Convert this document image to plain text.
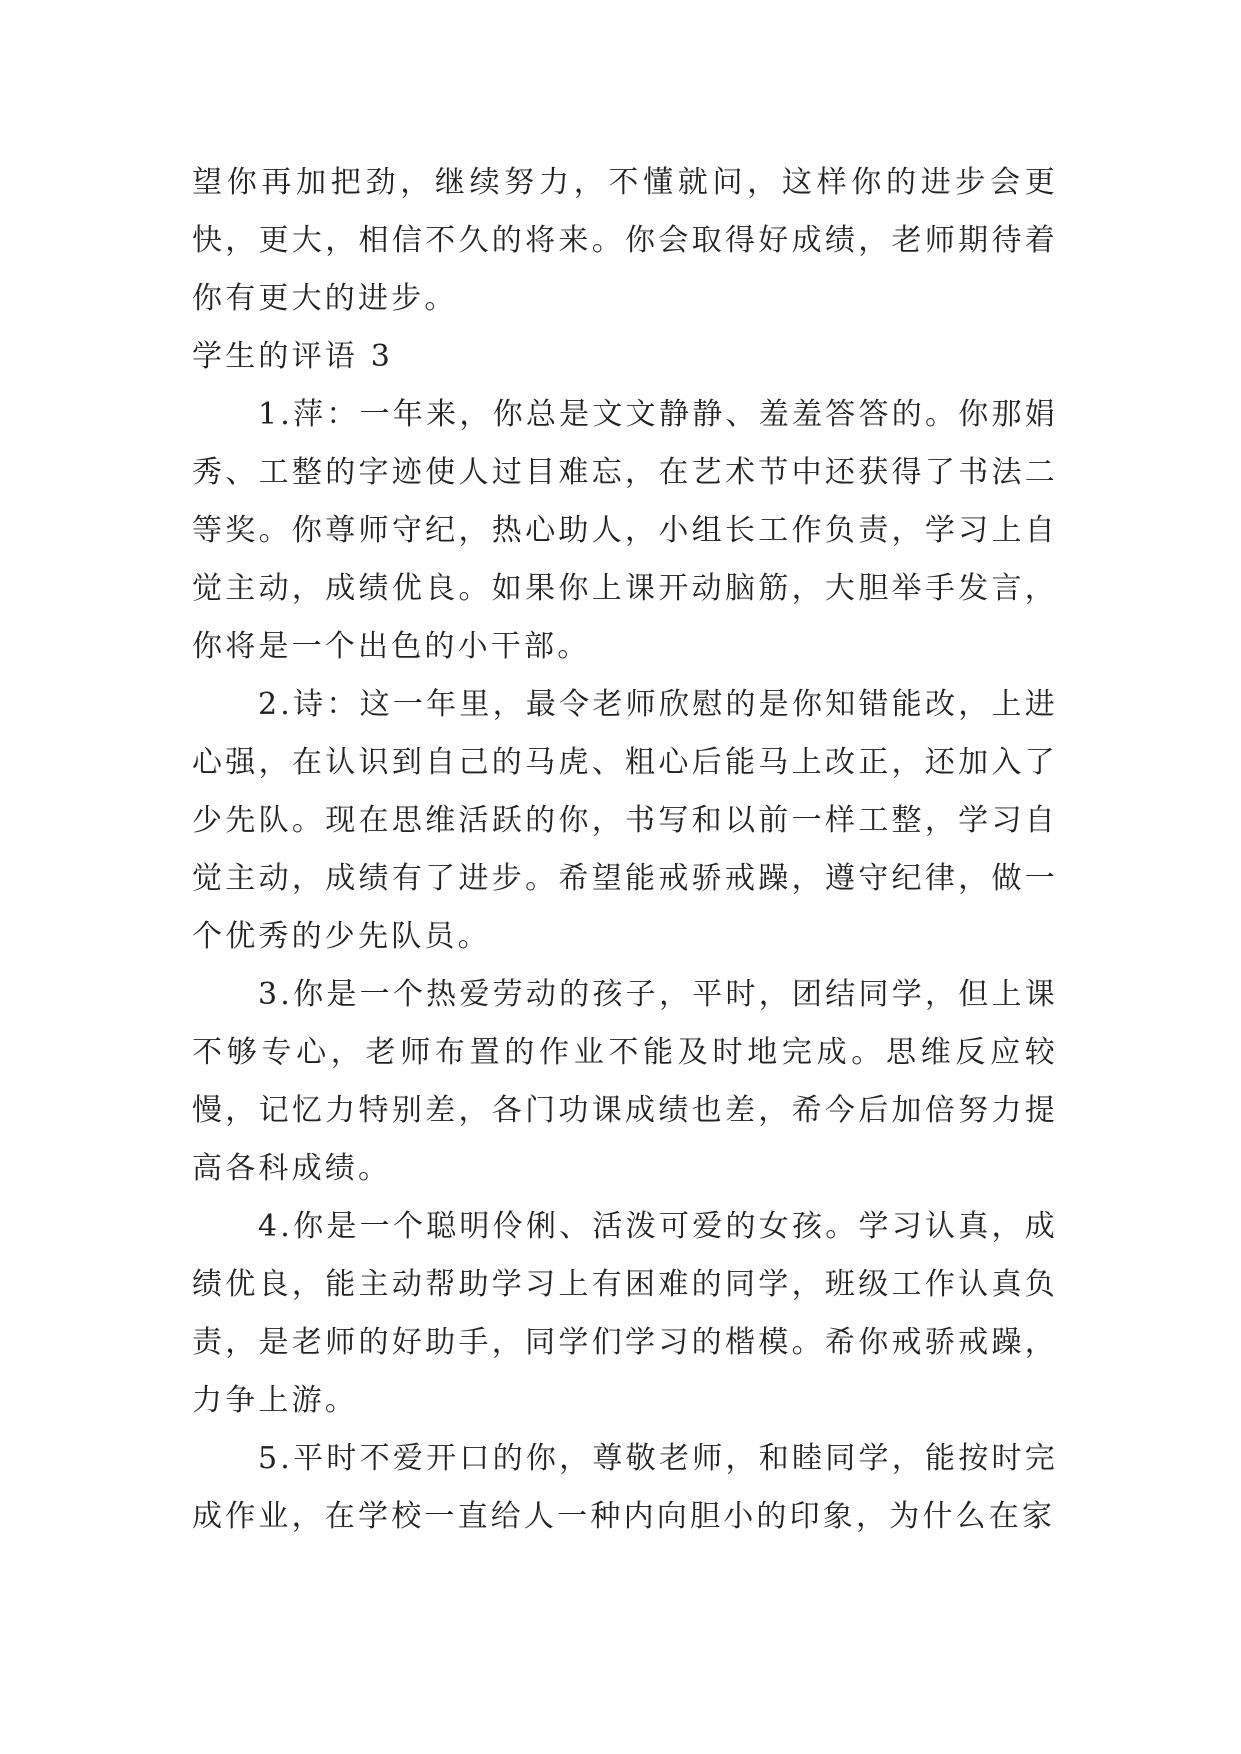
望你再加把劲，继续努力，不懂就问，这样你的进步会更快，更大，相信不久的将来。你会取得好成绩，老师期待着你有更大的进步。

学生的评语 3

1.萍：一年来，你总是文文静静、羞羞答答的。你那娟秀、工整的字迹使人过目难忘，在艺术节中还获得了书法二等奖。你尊师守纪，热心助人，小组长工作负责，学习上自觉主动，成绩优良。如果你上课开动脑筋，大胆举手发言，你将是一个出色的小干部。

2.诗：这一年里，最令老师欣慰的是你知错能改，上进心强，在认识到自己的马虎、粗心后能马上改正，还加入了少先队。现在思维活跃的你，书写和以前一样工整，学习自觉主动，成绩有了进步。希望能戒骄戒躁，遵守纪律，做一个优秀的少先队员。

3.你是一个热爱劳动的孩子，平时，团结同学，但上课不够专心，老师布置的作业不能及时地完成。思维反应较慢，记忆力特别差，各门功课成绩也差，希今后加倍努力提高各科成绩。

4.你是一个聪明伶俐、活泼可爱的女孩。学习认真，成绩优良，能主动帮助学习上有困难的同学，班级工作认真负责，是老师的好助手，同学们学习的楷模。希你戒骄戒躁，力争上游。

5.平时不爱开口的你，尊敬老师，和睦同学，能按时完成作业，在学校一直给人一种内向胆小的印象，为什么在家
